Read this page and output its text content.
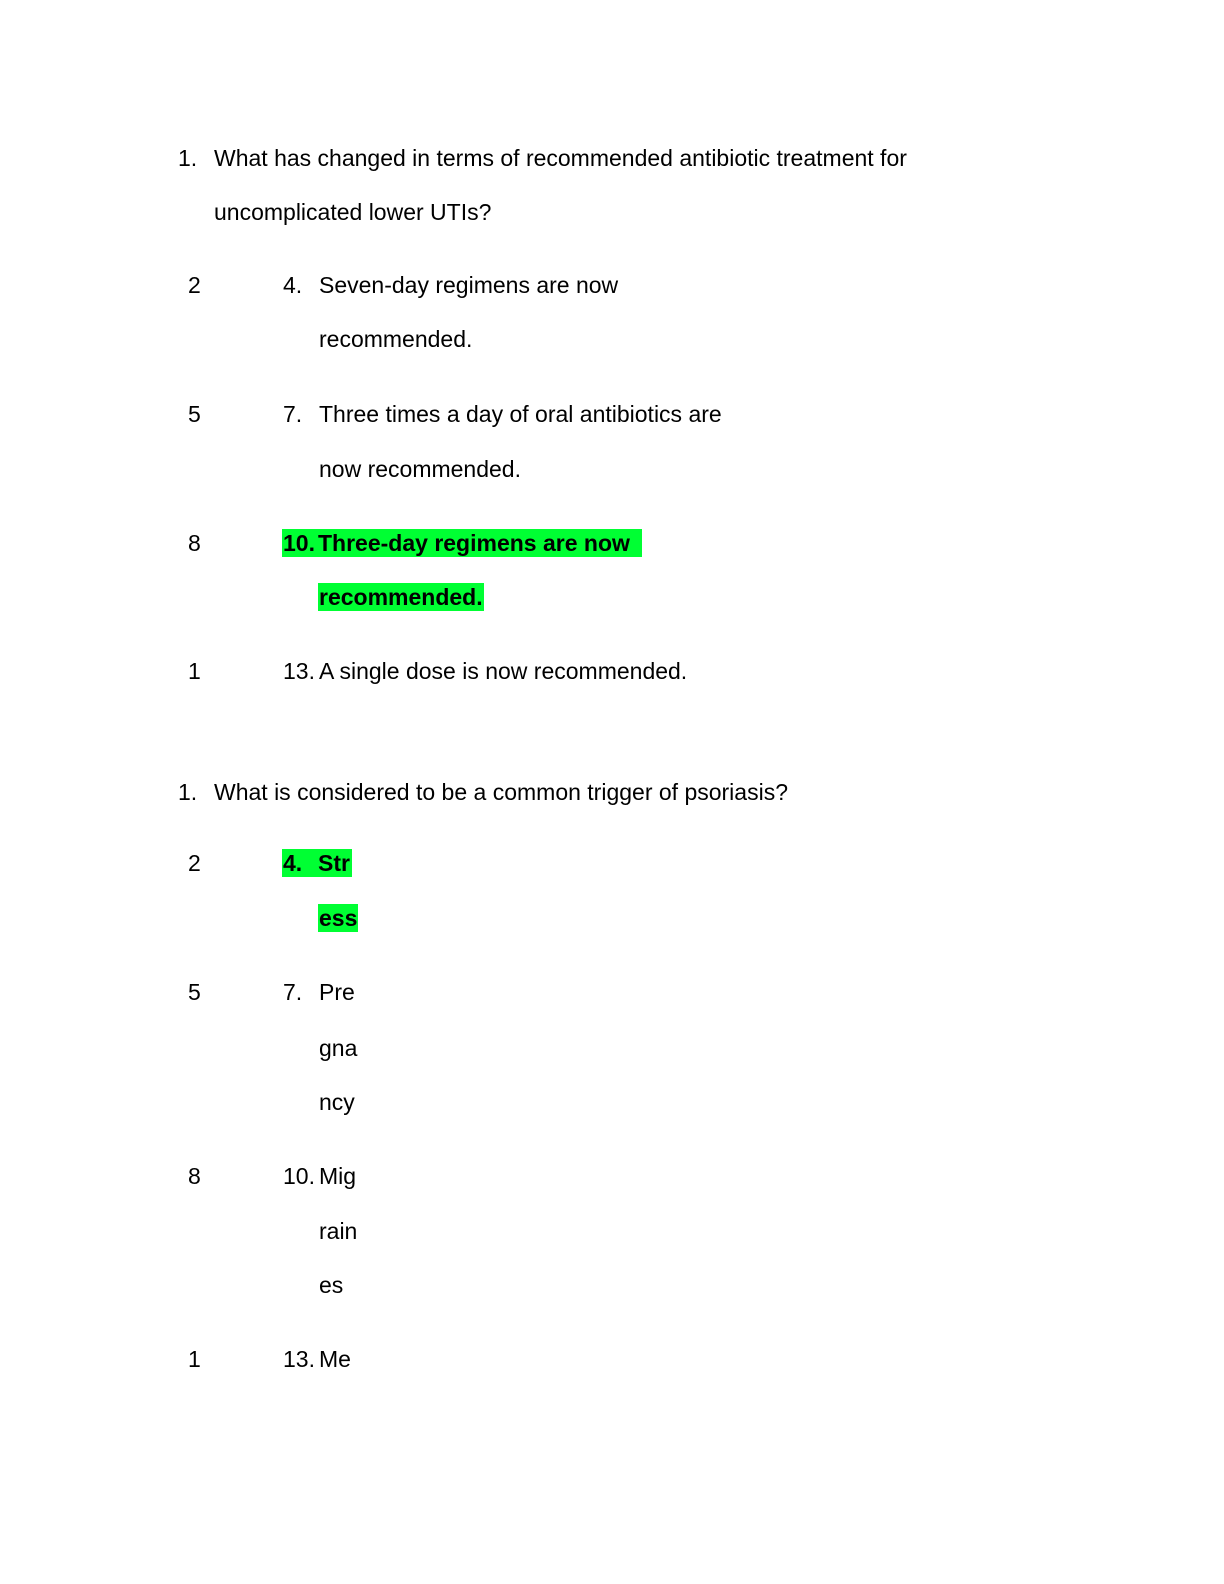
1. What has changed in terms of recommended antibiotic treatment for
uncomplicated lower UTIs?
2	4. Seven-day regimens are now
recommended.
5	7. Three times a day of oral antibiotics are
now recommended.
8	10. Three-day regimens are now
recommended.
1	13. A single dose is now recommended.
1. What is considered to be a common trigger of psoriasis?
2	4. Str
ess
5	7. Pre
gna
ncy
8	10. Mig
rain
es
1	13. Me
